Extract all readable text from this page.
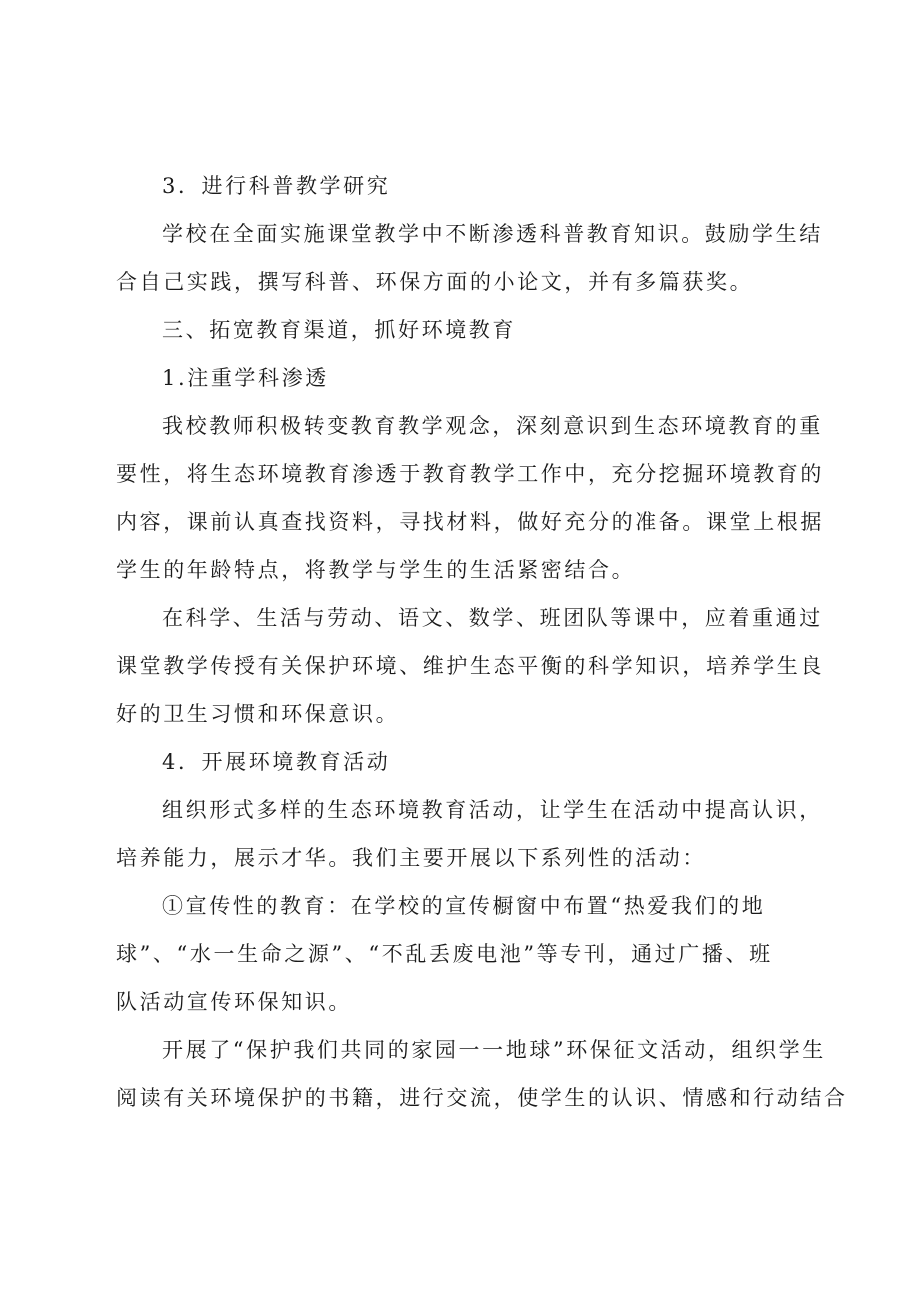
3．进行科普教学研究
学校在全面实施课堂教学中不断渗透科普教育知识。鼓励学生结
合自己实践，撰写科普、环保方面的小论文，并有多篇获奖。
三、拓宽教育渠道，抓好环境教育
1.注重学科渗透
我校教师积极转变教育教学观念，深刻意识到生态环境教育的重
要性，将生态环境教育渗透于教育教学工作中，充分挖掘环境教育的
内容，课前认真查找资料，寻找材料，做好充分的准备。课堂上根据
学生的年龄特点，将教学与学生的生活紧密结合。
在科学、生活与劳动、语文、数学、班团队等课中，应着重通过
课堂教学传授有关保护环境、维护生态平衡的科学知识，培养学生良
好的卫生习惯和环保意识。
4．开展环境教育活动
组织形式多样的生态环境教育活动，让学生在活动中提高认识，
培养能力，展示才华。我们主要开展以下系列性的活动：
①宣传性的教育：在学校的宣传橱窗中布置“热爱我们的地
球”、“水一生命之源”、“不乱丢废电池”等专刊，通过广播、班
队活动宣传环保知识。
开展了“保护我们共同的家园一一地球”环保征文活动，组织学生
阅读有关环境保护的书籍，进行交流，使学生的认识、情感和行动结合
